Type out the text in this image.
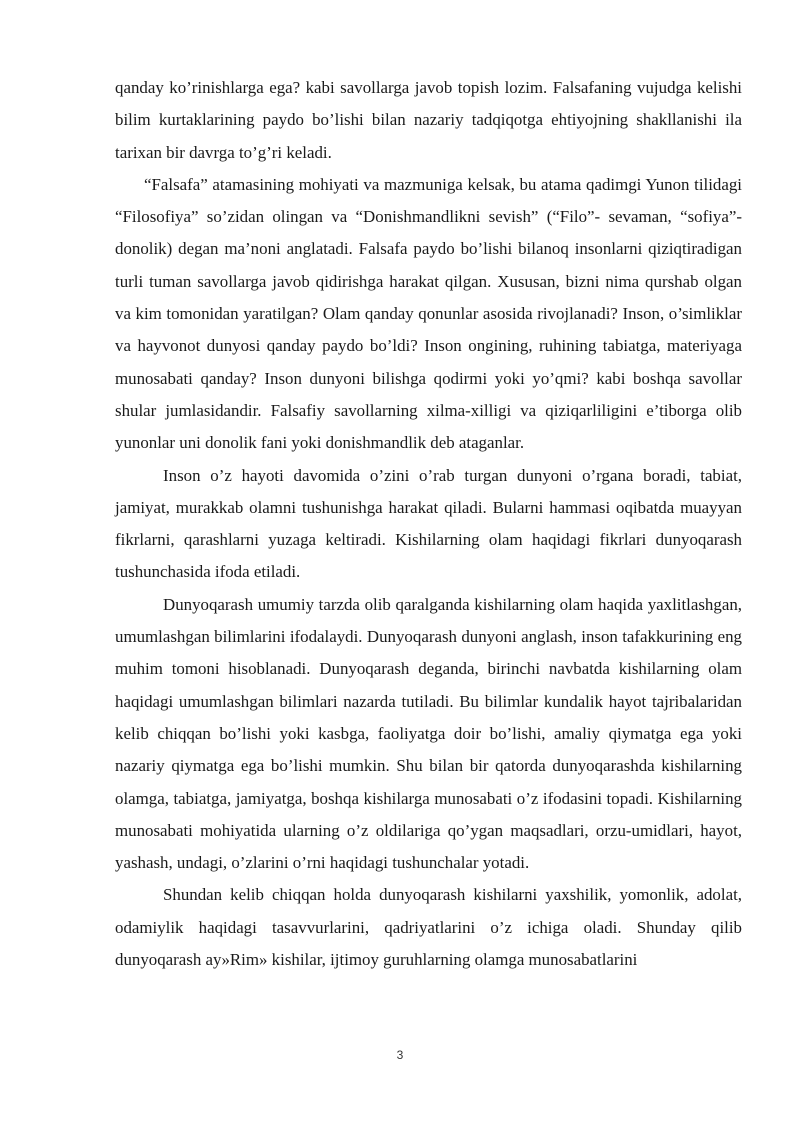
qanday ko’rinishlarga ega? kabi savollarga javob topish lozim. Falsafaning vujudga kelishi bilim kurtaklarining paydo bo’lishi bilan nazariy tadqiqotga ehtiyojning shakllanishi ila tarixan bir davrga to’g’ri keladi.

“Falsafa” atamasining mohiyati va mazmuniga kelsak, bu atama qadimgi Yunon tilidagi “Filosofiya” so’zidan olingan va “Donishmandlikni sevish” (“Filo”- sevaman, “sofiya”- donolik) degan ma’noni anglatadi. Falsafa paydo bo’lishi bilanoq insonlarni qiziqtiradigan turli tuman savollarga javob qidirishga harakat qilgan. Xususan, bizni nima qurshab olgan va kim tomonidan yaratilgan? Olam qanday qonunlar asosida rivojlanadi? Inson, o’simliklar va hayvonot dunyosi qanday paydo bo’ldi? Inson ongining, ruhining tabiatga, materiyaga munosabati qanday? Inson dunyoni bilishga qodirmi yoki yo’qmi? kabi boshqa savollar shular jumlasidandir. Falsafiy savollarning xilma-xilligi va qiziqarliligini e’tiborga olib yunonlar uni donolik fani yoki donishmandlik deb ataganlar.

Inson o’z hayoti davomida o’zini o’rab turgan dunyoni o’rgana boradi, tabiat, jamiyat, murakkab olamni tushunishga harakat qiladi. Bularni hammasi oqibatda muayyan fikrlarni, qarashlarni yuzaga keltiradi. Kishilarning olam haqidagi fikrlari dunyoqarash tushunchasida ifoda etiladi.

Dunyoqarash umumiy tarzda olib qaralganda kishilarning olam haqida yaxlitlashgan, umumlashgan bilimlarini ifodalaydi. Dunyoqarash dunyoni anglash, inson tafakkurining eng muhim tomoni hisoblanadi. Dunyoqarash deganda, birinchi navbatda kishilarning olam haqidagi umumlashgan bilimlari nazarda tutiladi. Bu bilimlar kundalik hayot tajribalaridan kelib chiqqan bo’lishi yoki kasbga, faoliyatga doir bo’lishi, amaliy qiymatga ega yoki nazariy qiymatga ega bo’lishi mumkin. Shu bilan bir qatorda dunyoqarashda kishilarning olamga, tabiatga, jamiyatga, boshqa kishilarga munosabati o’z ifodasini topadi. Kishilarning munosabati mohiyatida ularning o’z oldilariga qo’ygan maqsadlari, orzu-umidlari, hayot, yashash, undagi, o’zlarini o’rni haqidagi tushunchalar yotadi.

Shundan kelib chiqqan holda dunyoqarash kishilarni yaxshilik, yomonlik, adolat, odamiylik haqidagi tasavvurlarini, qadriyatlarini o’z ichiga oladi. Shunday qilib dunyoqarash ay»Rim» kishilar, ijtimoy guruhlarning olamga munosabatlarini

3
